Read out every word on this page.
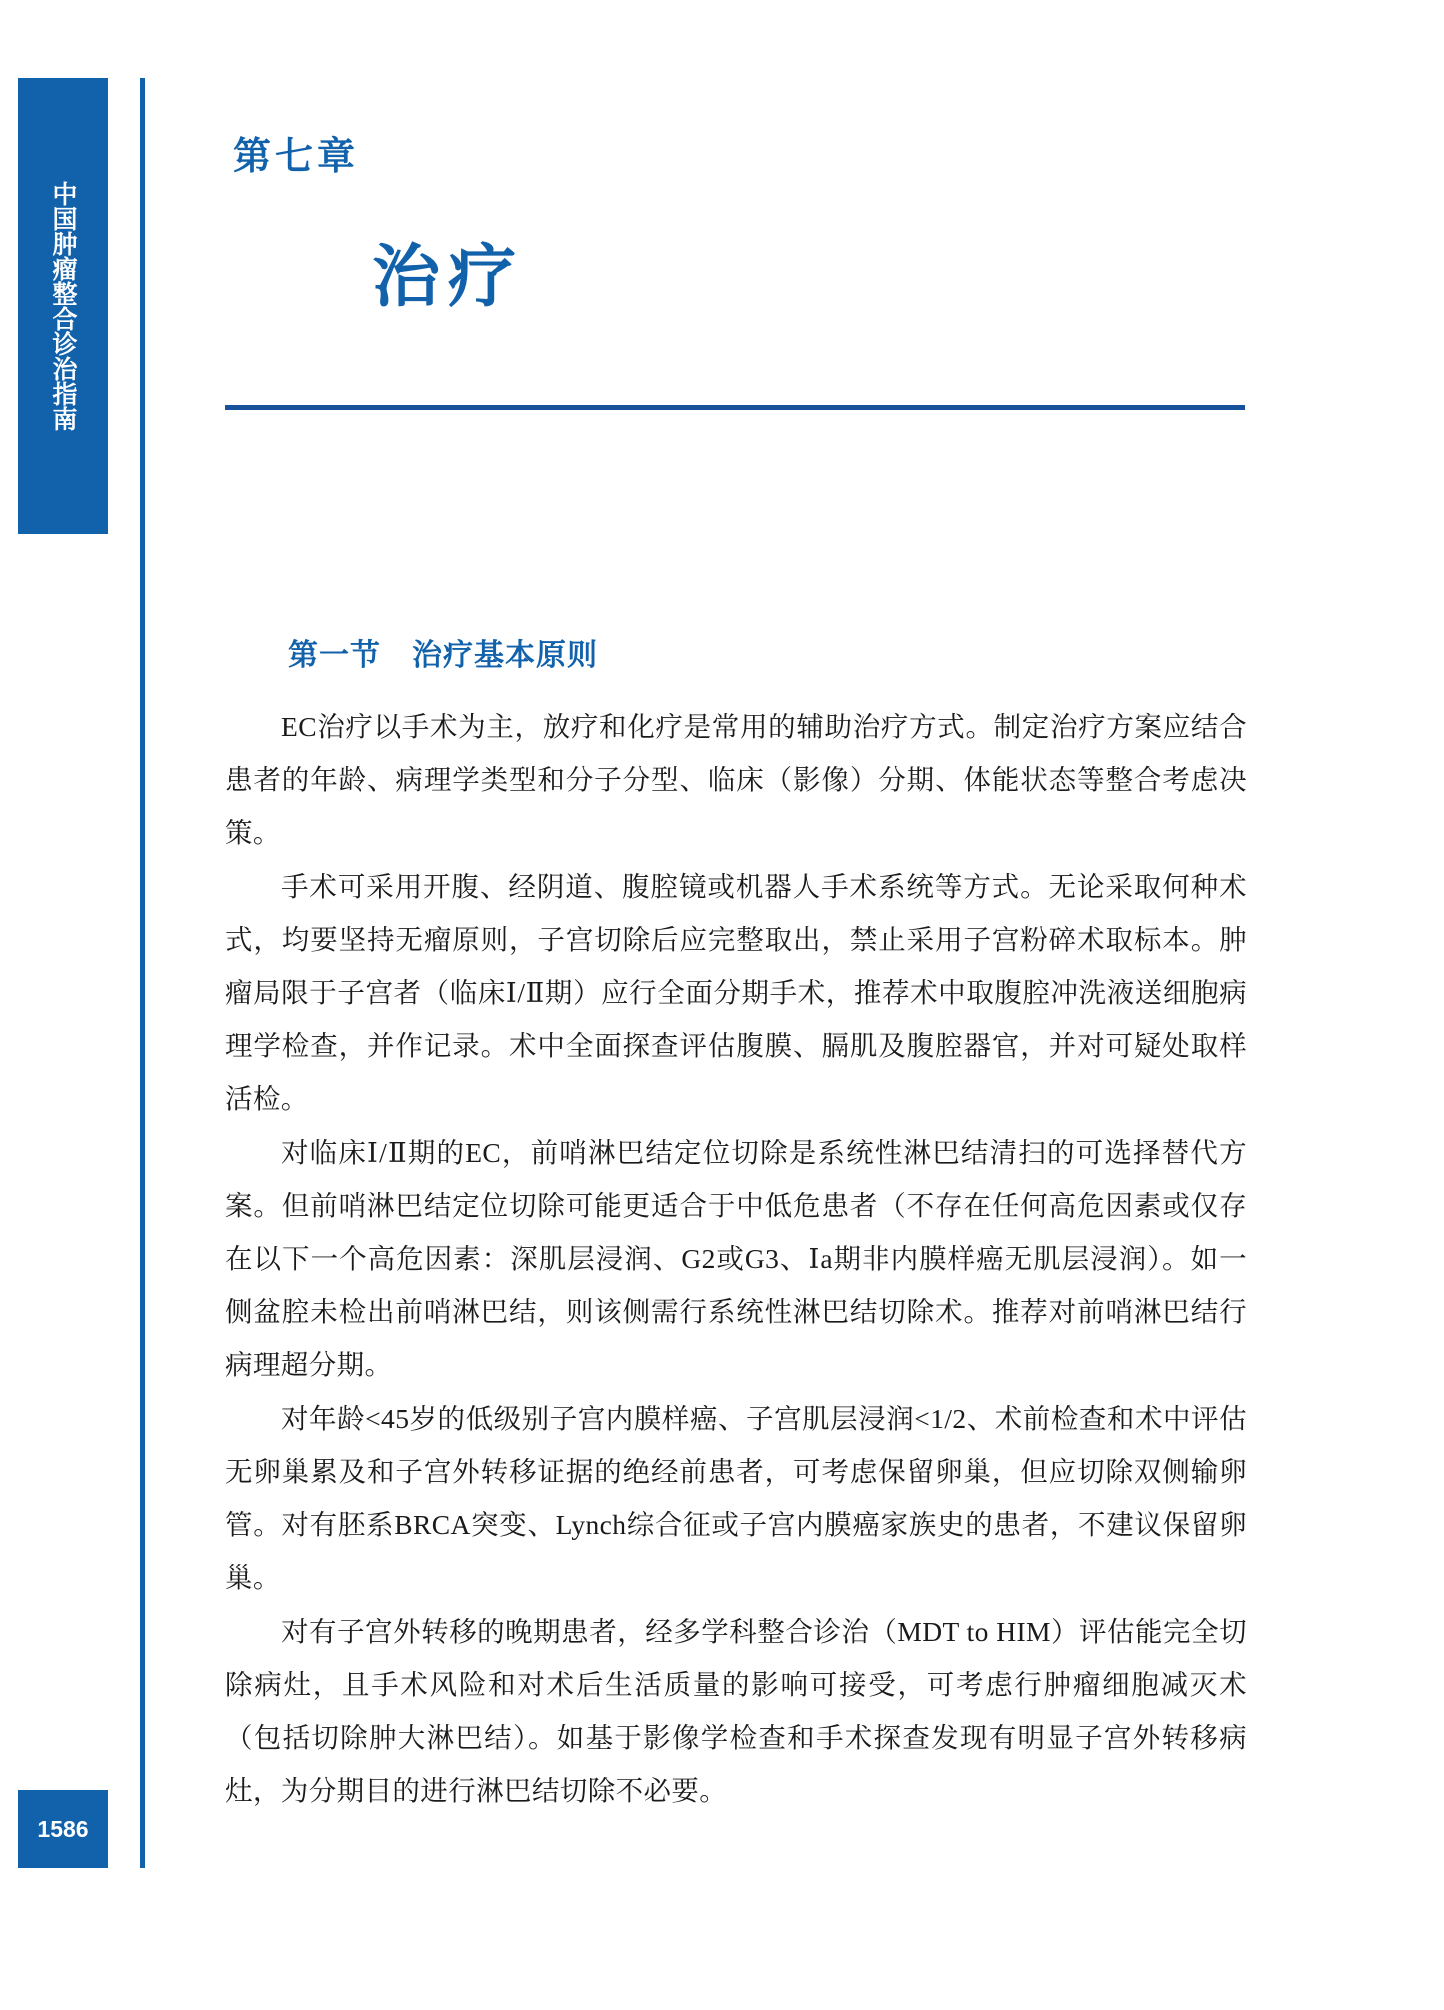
中国肿瘤整合诊治指南
1586
第七章
治疗
第一节　治疗基本原则

EC治疗以手术为主，放疗和化疗是常用的辅助治疗方式。制定治疗方案应结合患者的年龄、病理学类型和分子分型、临床（影像）分期、体能状态等整合考虑决策。

手术可采用开腹、经阴道、腹腔镜或机器人手术系统等方式。无论采取何种术式，均要坚持无瘤原则，子宫切除后应完整取出，禁止采用子宫粉碎术取标本。肿瘤局限于子宫者（临床Ⅰ/Ⅱ期）应行全面分期手术，推荐术中取腹腔冲洗液送细胞病理学检查，并作记录。术中全面探查评估腹膜、膈肌及腹腔器官，并对可疑处取样活检。

对临床Ⅰ/Ⅱ期的EC，前哨淋巴结定位切除是系统性淋巴结清扫的可选择替代方案。但前哨淋巴结定位切除可能更适合于中低危患者（不存在任何高危因素或仅存在以下一个高危因素：深肌层浸润、G2或G3、Ⅰa期非内膜样癌无肌层浸润）。如一侧盆腔未检出前哨淋巴结，则该侧需行系统性淋巴结切除术。推荐对前哨淋巴结行病理超分期。

对年龄<45岁的低级别子宫内膜样癌、子宫肌层浸润<1/2、术前检查和术中评估无卵巢累及和子宫外转移证据的绝经前患者，可考虑保留卵巢，但应切除双侧输卵管。对有胚系BRCA突变、Lynch综合征或子宫内膜癌家族史的患者，不建议保留卵巢。

对有子宫外转移的晚期患者，经多学科整合诊治（MDT to HIM）评估能完全切除病灶，且手术风险和对术后生活质量的影响可接受，可考虑行肿瘤细胞减灭术（包括切除肿大淋巴结）。如基于影像学检查和手术探查发现有明显子宫外转移病灶，为分期目的进行淋巴结切除不必要。
